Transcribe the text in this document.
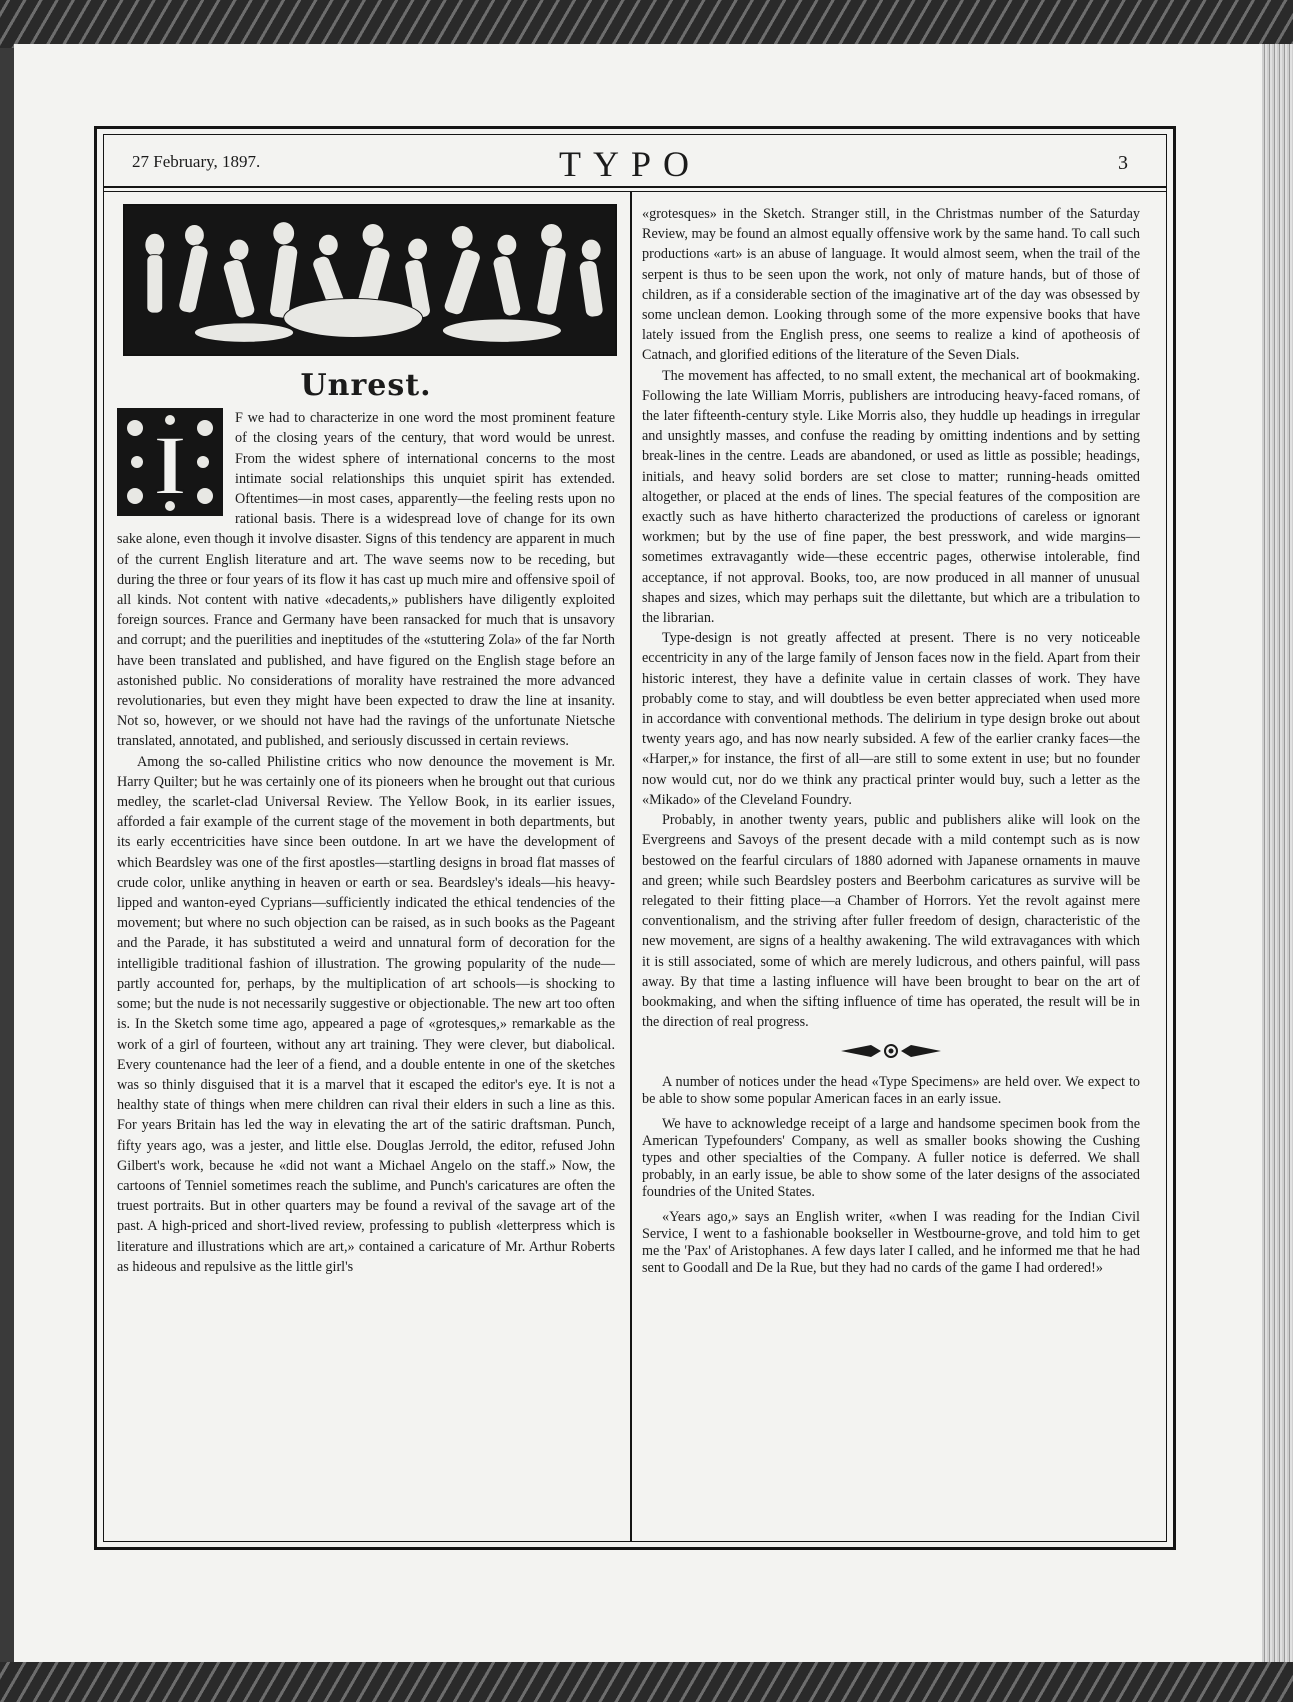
27 February, 1897.	TYPO	3
Unrest.

I	F we had to characterize in one word the most prominent feature of the closing years of the century, that word would be unrest. From the widest sphere of international concerns to the most intimate social relationships this unquiet spirit has extended. Oftentimes—in most cases, apparently—the feeling rests upon no rational basis. There is a widespread love of change for its own sake alone, even though it involve disaster. Signs of this tendency are apparent in much of the current English literature and art. The wave seems now to be receding, but during the three or four years of its flow it has cast up much mire and offensive spoil of all kinds. Not content with native «decadents,» publishers have diligently exploited foreign sources. France and Germany have been ransacked for much that is unsavory and corrupt; and the puerilities and ineptitudes of the «stuttering Zola» of the far North have been translated and published, and have figured on the English stage before an astonished public. No considerations of morality have restrained the more advanced revolutionaries, but even they might have been expected to draw the line at insanity. Not so, however, or we should not have had the ravings of the unfortunate Nietsche translated, annotated, and published, and seriously discussed in certain reviews.

Among the so-called Philistine critics who now denounce the movement is Mr. Harry Quilter; but he was certainly one of its pioneers when he brought out that curious medley, the scarlet-clad Universal Review. The Yellow Book, in its earlier issues, afforded a fair example of the current stage of the movement in both departments, but its early eccentricities have since been outdone. In art we have the development of which Beardsley was one of the first apostles—startling designs in broad flat masses of crude color, unlike anything in heaven or earth or sea. Beardsley's ideals—his heavy-lipped and wanton-eyed Cyprians—sufficiently indicated the ethical tendencies of the movement; but where no such objection can be raised, as in such books as the Pageant and the Parade, it has substituted a weird and unnatural form of decoration for the intelligible traditional fashion of illustration. The growing popularity of the nude—partly accounted for, perhaps, by the multiplication of art schools—is shocking to some; but the nude is not necessarily suggestive or objectionable. The new art too often is. In the Sketch some time ago, appeared a page of «grotesques,» remarkable as the work of a girl of fourteen, without any art training. They were clever, but diabolical. Every countenance had the leer of a fiend, and a double entente in one of the sketches was so thinly disguised that it is a marvel that it escaped the editor's eye. It is not a healthy state of things when mere children can rival their elders in such a line as this. For years Britain has led the way in elevating the art of the satiric draftsman. Punch, fifty years ago, was a jester, and little else. Douglas Jerrold, the editor, refused John Gilbert's work, because he «did not want a Michael Angelo on the staff.» Now, the cartoons of Tenniel sometimes reach the sublime, and Punch's caricatures are often the truest portraits. But in other quarters may be found a revival of the savage art of the past. A high-priced and short-lived review, professing to publish «letterpress which is literature and illustrations which are art,» contained a caricature of Mr. Arthur Roberts as hideous and repulsive as the little girl's

«grotesques» in the Sketch. Stranger still, in the Christmas number of the Saturday Review, may be found an almost equally offensive work by the same hand. To call such productions «art» is an abuse of language. It would almost seem, when the trail of the serpent is thus to be seen upon the work, not only of mature hands, but of those of children, as if a considerable section of the imaginative art of the day was obsessed by some unclean demon. Looking through some of the more expensive books that have lately issued from the English press, one seems to realize a kind of apotheosis of Catnach, and glorified editions of the literature of the Seven Dials.

The movement has affected, to no small extent, the mechanical art of bookmaking. Following the late William Morris, publishers are introducing heavy-faced romans, of the later fifteenth-century style. Like Morris also, they huddle up headings in irregular and unsightly masses, and confuse the reading by omitting indentions and by setting break-lines in the centre. Leads are abandoned, or used as little as possible; headings, initials, and heavy solid borders are set close to matter; running-heads omitted altogether, or placed at the ends of lines. The special features of the composition are exactly such as have hitherto characterized the productions of careless or ignorant workmen; but by the use of fine paper, the best presswork, and wide margins—sometimes extravagantly wide—these eccentric pages, otherwise intolerable, find acceptance, if not approval. Books, too, are now produced in all manner of unusual shapes and sizes, which may perhaps suit the dilettante, but which are a tribulation to the librarian.

Type-design is not greatly affected at present. There is no very noticeable eccentricity in any of the large family of Jenson faces now in the field. Apart from their historic interest, they have a definite value in certain classes of work. They have probably come to stay, and will doubtless be even better appreciated when used more in accordance with conventional methods. The delirium in type design broke out about twenty years ago, and has now nearly subsided. A few of the earlier cranky faces—the «Harper,» for instance, the first of all—are still to some extent in use; but no founder now would cut, nor do we think any practical printer would buy, such a letter as the «Mikado» of the Cleveland Foundry.

Probably, in another twenty years, public and publishers alike will look on the Evergreens and Savoys of the present decade with a mild contempt such as is now bestowed on the fearful circulars of 1880 adorned with Japanese ornaments in mauve and green; while such Beardsley posters and Beerbohm caricatures as survive will be relegated to their fitting place—a Chamber of Horrors. Yet the revolt against mere conventionalism, and the striving after fuller freedom of design, characteristic of the new movement, are signs of a healthy awakening. The wild extravagances with which it is still associated, some of which are merely ludicrous, and others painful, will pass away. By that time a lasting influence will have been brought to bear on the art of bookmaking, and when the sifting influence of time has operated, the result will be in the direction of real progress.

A number of notices under the head «Type Specimens» are held over. We expect to be able to show some popular American faces in an early issue.

We have to acknowledge receipt of a large and handsome specimen book from the American Typefounders' Company, as well as smaller books showing the Cushing types and other specialties of the Company. A fuller notice is deferred. We shall probably, in an early issue, be able to show some of the later designs of the associated foundries of the United States.

«Years ago,» says an English writer, «when I was reading for the Indian Civil Service, I went to a fashionable bookseller in Westbourne-grove, and told him to get me the 'Pax' of Aristophanes. A few days later I called, and he informed me that he had sent to Goodall and De la Rue, but they had no cards of the game I had ordered!»
